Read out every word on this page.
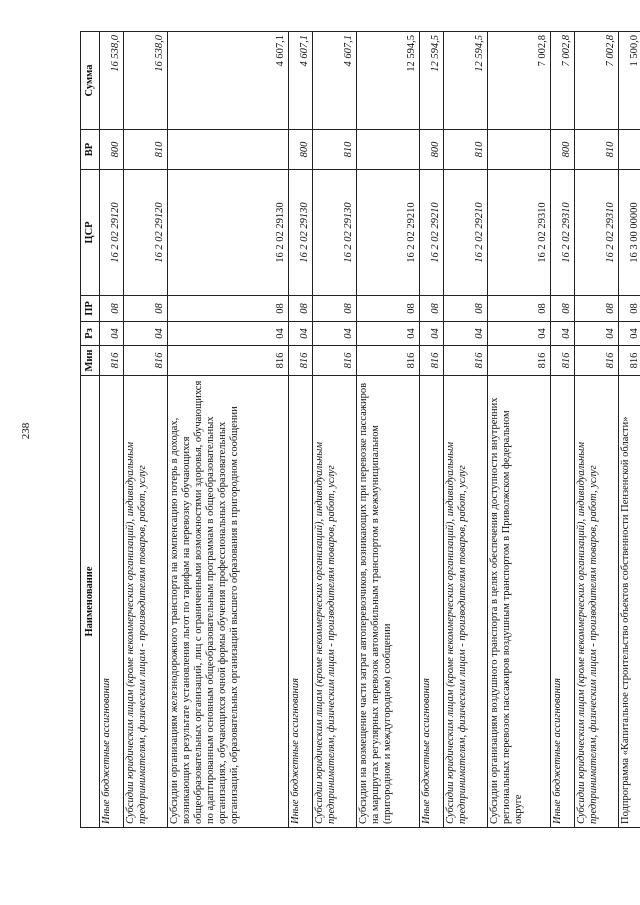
238
Наименование	Мин	Рз	ПР	ЦСР	ВР	Сумма
Иные бюджетные ассигнования	816	04	08	16 2 02 29120	800	16 538,0
Субсидии юридическим лицам (кроме некоммерческих организаций), индивидуальным предпринимателям, физическим лицам - производителям товаров, работ, услуг	816	04	08	16 2 02 29120	810	16 538,0
Субсидии организациям железнодорожного транспорта на компенсацию потерь в доходах, возникающих в результате установления льгот по тарифам на перевозку обучающихся общеобразовательных организаций, лиц с ограниченными возможностями здоровья, обучающихся по адаптированным основным общеобразовательным программам в общеобразовательных организациях, обучающихся очной формы обучения профессиональных образовательных организаций, образовательных организаций высшего образования в пригородном сообщении	816	04	08	16 2 02 29130		4 607,1
Иные бюджетные ассигнования	816	04	08	16 2 02 29130	800	4 607,1
Субсидии юридическим лицам (кроме некоммерческих организаций), индивидуальным предпринимателям, физическим лицам - производителям товаров, работ, услуг	816	04	08	16 2 02 29130	810	4 607,1
Субсидии на возмещение части затрат автоперевозчиков, возникающих при перевозке пассажиров на маршрутах регулярных перевозок автомобильным транспортом в межмуниципальном (пригородном и междугородном) сообщении	816	04	08	16 2 02 29210		12 594,5
Иные бюджетные ассигнования	816	04	08	16 2 02 29210	800	12 594,5
Субсидии юридическим лицам (кроме некоммерческих организаций), индивидуальным предпринимателям, физическим лицам - производителям товаров, работ, услуг	816	04	08	16 2 02 29210	810	12 594,5
Субсидии организациям воздушного транспорта в целях обеспечения доступности внутренних региональных перевозок пассажиров воздушным транспортом в Приволжском федеральном округе	816	04	08	16 2 02 29310		7 002,8
Иные бюджетные ассигнования	816	04	08	16 2 02 29310	800	7 002,8
Субсидии юридическим лицам (кроме некоммерческих организаций), индивидуальным предпринимателям, физическим лицам - производителям товаров, работ, услуг	816	04	08	16 2 02 29310	810	7 002,8
Подпрограмма «Капитальное строительство объектов собственности Пензенской области»	816	04	08	16 3 00 00000		1 500,0
